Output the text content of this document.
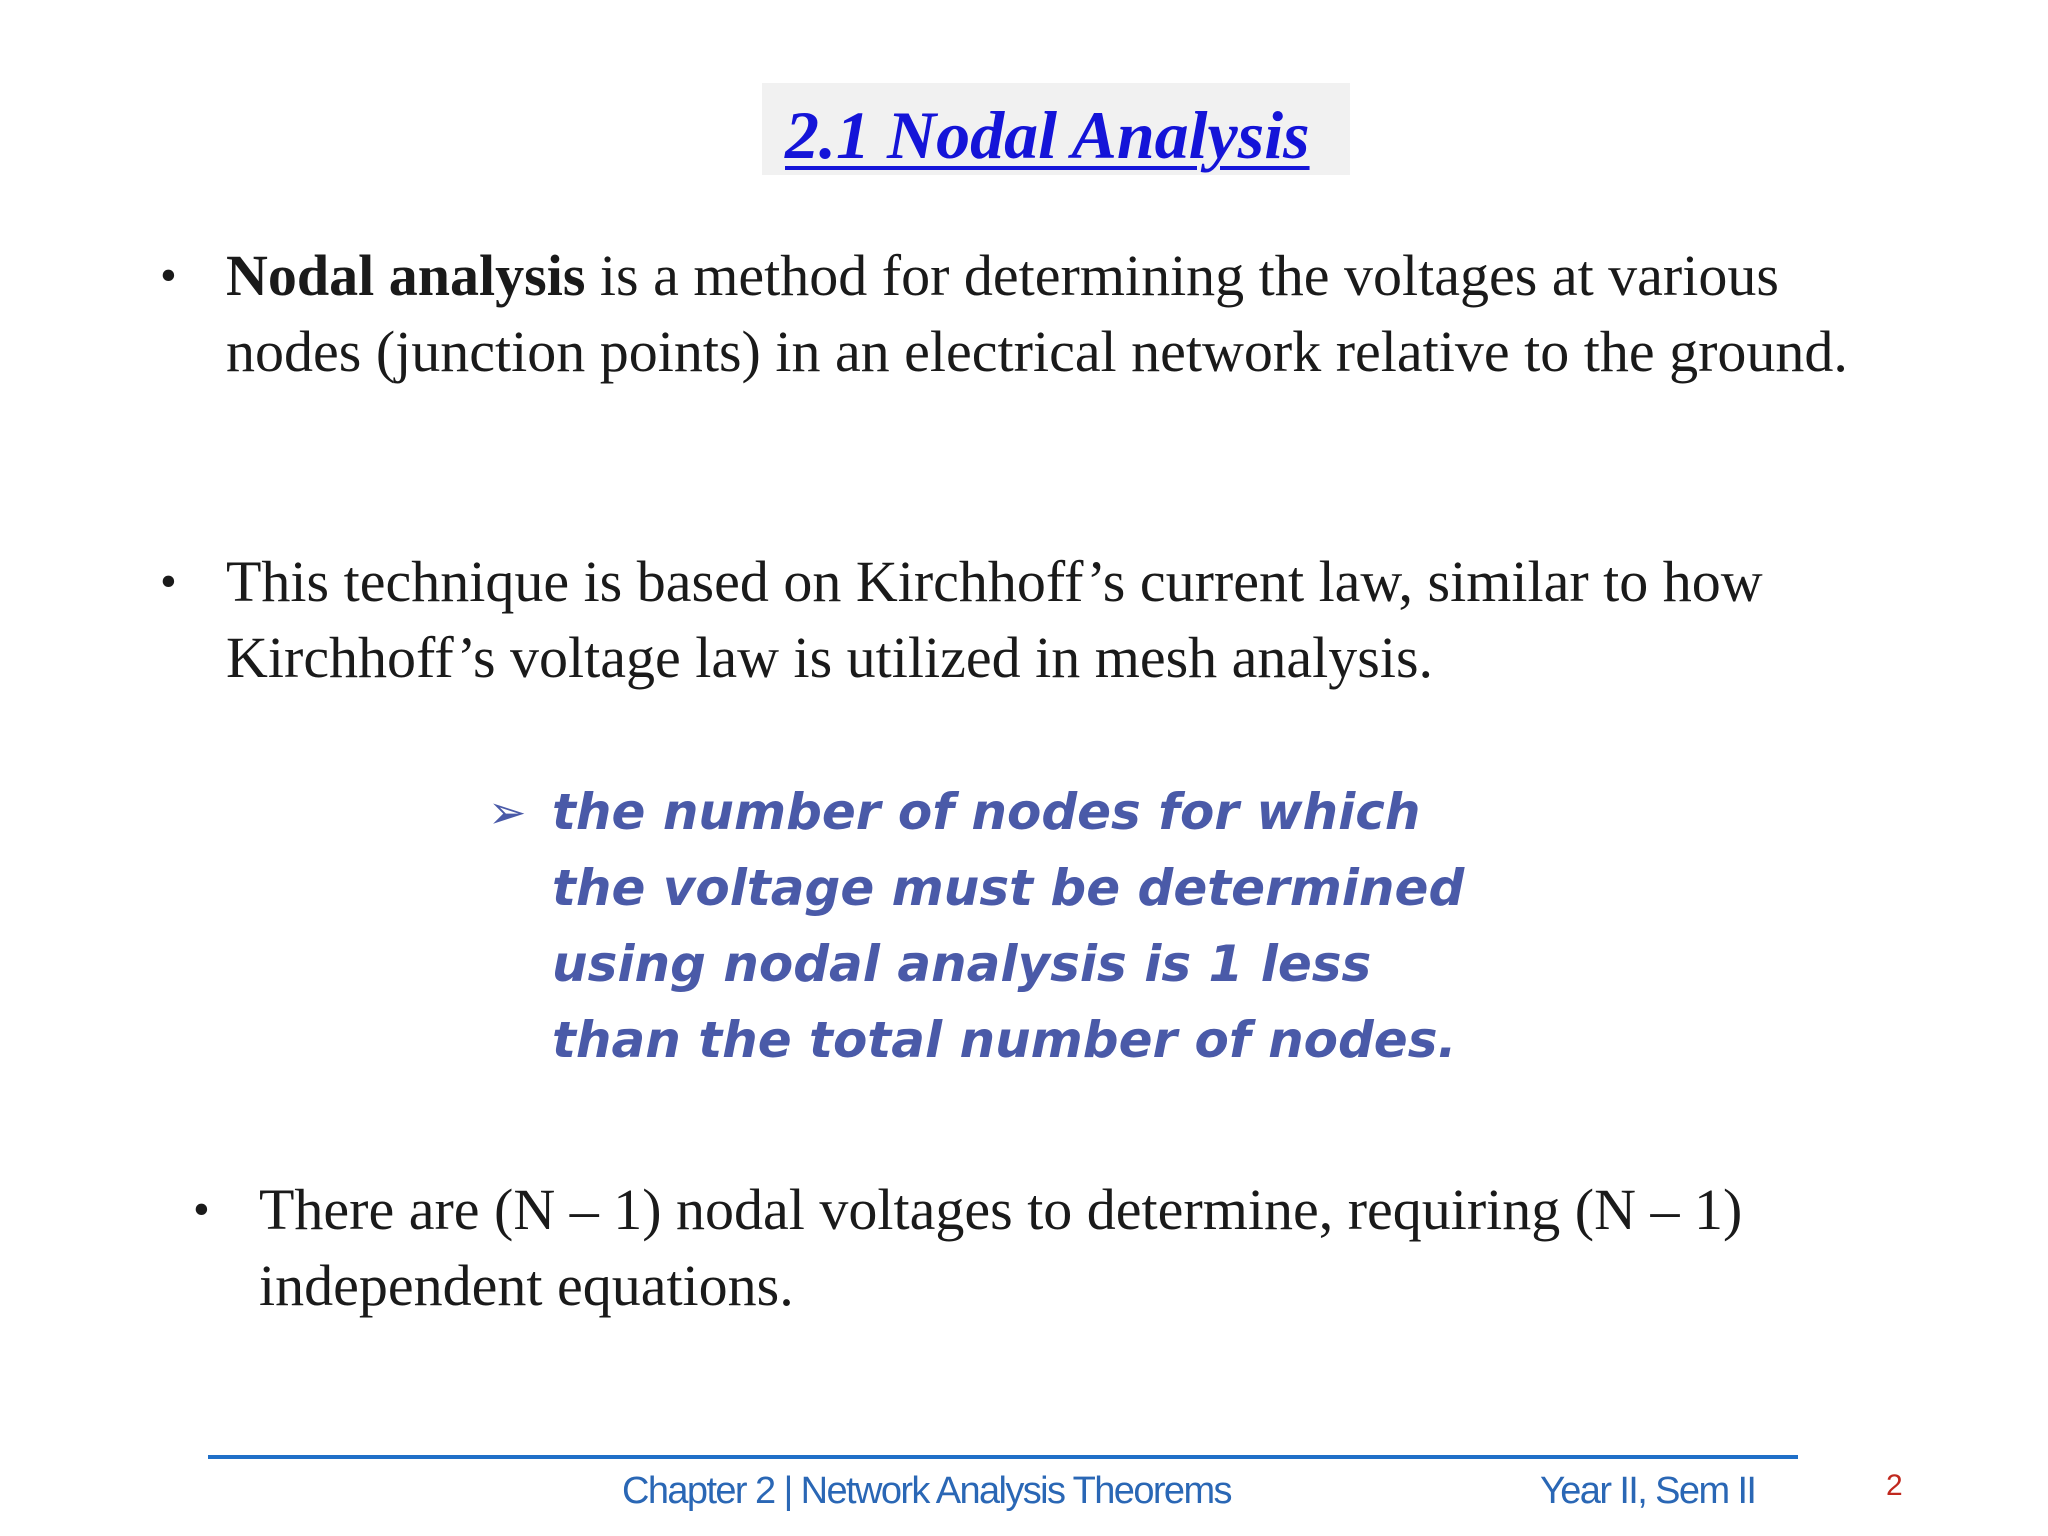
2.1 Nodal Analysis
• Nodal analysis is a method for determining the voltages at various nodes (junction points) in an electrical network relative to the ground.
• This technique is based on Kirchhoff’s current law, similar to how Kirchhoff’s voltage law is utilized in mesh analysis.
➢ the number of nodes for which the voltage must be determined using nodal analysis is 1 less than the total number of nodes.
• There are (N – 1) nodal voltages to determine, requiring (N – 1) independent equations.
Chapter 2 | Network Analysis Theorems	Year II, Sem II	2
